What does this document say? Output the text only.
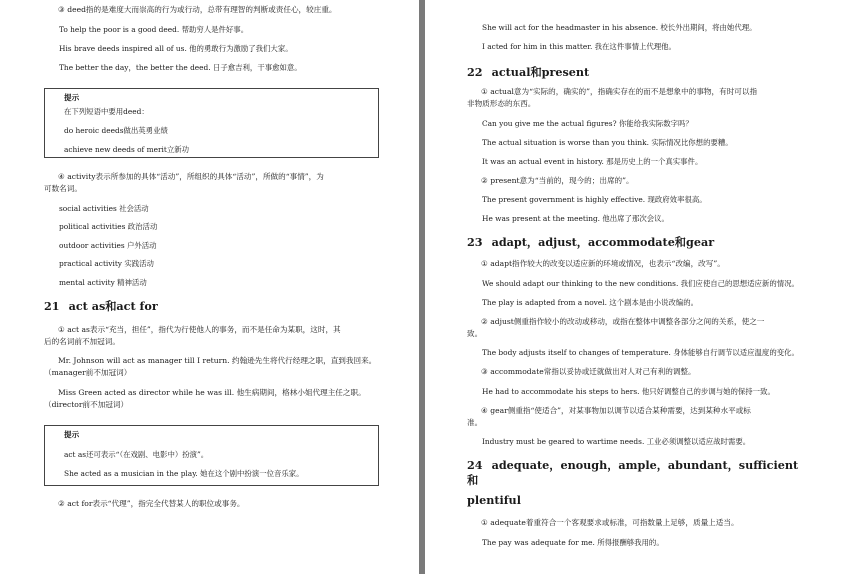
③ deed指的是难度大而崇高的行为或行动，总带有理智的判断或责任心，较庄重。

To help the poor is a good deed. 帮助穷人是件好事。

His brave deeds inspired all of us. 他的勇敢行为激励了我们大家。

The better the day，the better the deed. 日子愈吉利，干事愈如意。

提示

在下列短语中要用deed：

do heroic deeds做出英勇业绩

achieve new deeds of merit立新功

④ activity表示所参加的具体“活动”，所组织的具体“活动”，所做的“事情”，为

可数名词。

social activities 社会活动

political activities 政治活动

outdoor activities 户外活动

practical activity 实践活动

mental activity 精神活动

21 act as和act for

① act as表示“充当，担任”，指代为行使他人的事务，而不是任命为某职，这时，其

后的名词前不加冠词。

Mr. Johnson will act as manager till I return. 约翰逊先生将代行经理之职，直到我回来。

（manager前不加冠词）

Miss Green acted as director while he was ill. 他生病期间，格林小姐代理主任之职。

（director前不加冠词）

提示

act as还可表示“（在戏剧、电影中）扮演”。

She acted as a musician in the play. 她在这个剧中扮演一位音乐家。

② act for表示“代理”，指完全代替某人的职位或事务。

She will act for the headmaster in his absence. 校长外出期间，将由她代理。

I acted for him in this matter. 我在这件事情上代理他。

22 actual和present

① actual意为“实际的，确实的”，指确实存在的而不是想象中的事物，有时可以指

非物质形态的东西。

Can you give me the actual figures? 你能给我实际数字吗？

The actual situation is worse than you think. 实际情况比你想的要糟。

It was an actual event in history. 那是历史上的一个真实事件。

② present意为“当前的，现今的；出席的”。

The present government is highly effective. 现政府效率很高。

He was present at the meeting. 他出席了那次会议。

23 adapt，adjust，accommodate和gear

① adapt指作较大的改变以适应新的环境或情况，也表示“改编，改写”。

We should adapt our thinking to the new conditions. 我们应使自己的思想适应新的情况。

The play is adapted from a novel. 这个剧本是由小说改编的。

② adjust侧重指作较小的改动或移动，或指在整体中调整各部分之间的关系，使之一

致。

The body adjusts itself to changes of temperature. 身体能够自行调节以适应温度的变化。

③ accommodate常指以妥协或迁就做出对人对己有利的调整。

He had to accommodate his steps to hers. 他只好调整自己的步调与她的保持一致。

④ gear侧重指“使适合”，对某事物加以调节以适合某种需要，达到某种水平或标

准。

Industry must be geared to wartime needs. 工业必须调整以适应战时需要。

24 adequate，enough，ample，abundant，sufficient和

plentiful

① adequate着重符合一个客观要求或标准，可指数量上足够，质量上适当。

The pay was adequate for me. 所得报酬够我用的。
